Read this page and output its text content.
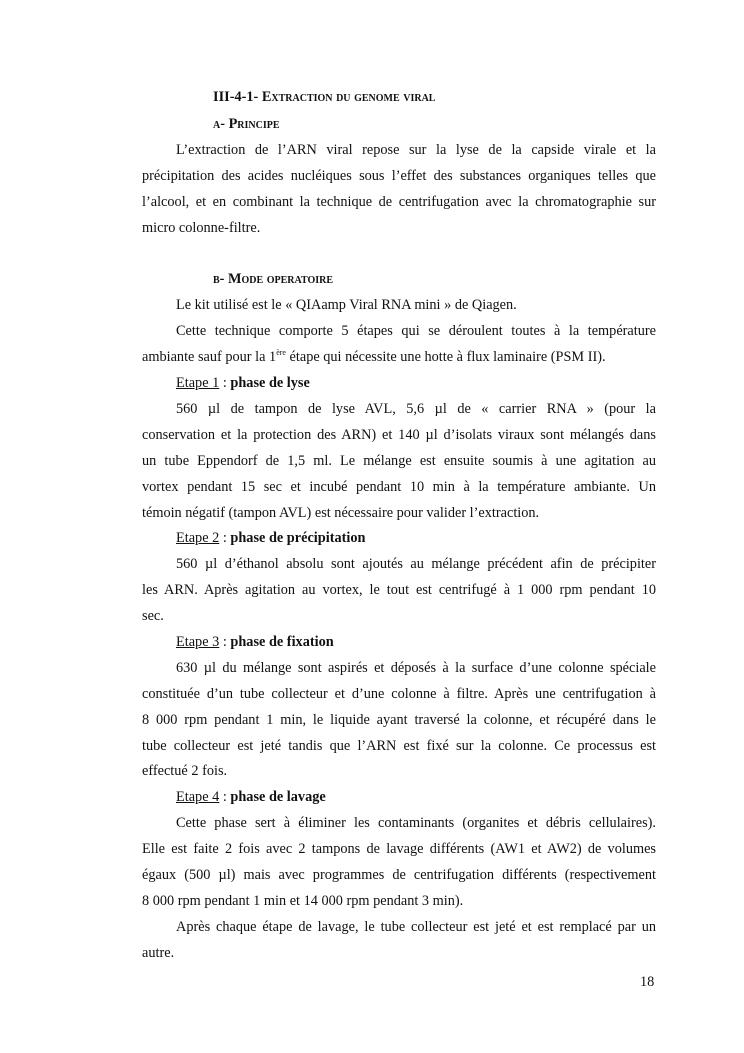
III-4-1- Extraction du genome viral
a- Principe
L’extraction de l’ARN viral repose sur la lyse de la capside virale et la
précipitation des acides nucléiques sous l’effet des substances organiques telles que
l’alcool, et en combinant la technique de centrifugation avec la chromatographie sur
micro colonne-filtre.
b- Mode operatoire
Le kit utilisé est le « QIAamp Viral RNA mini » de Qiagen.
Cette technique comporte 5 étapes qui se déroulent toutes à la température
ambiante sauf pour la 1ère étape qui nécessite une hotte à flux laminaire (PSM II).
Etape 1 : phase de lyse
560 µl de tampon de lyse AVL, 5,6 µl de « carrier RNA » (pour la
conservation et la protection des ARN) et 140 µl d’isolats viraux sont mélangés dans
un tube Eppendorf de 1,5 ml. Le mélange est ensuite soumis à une agitation au
vortex pendant 15 sec et incubé pendant 10 min à la température ambiante. Un
témoin négatif (tampon AVL) est nécessaire pour valider l’extraction.
Etape 2 : phase de précipitation
560 µl d’éthanol absolu sont ajoutés au mélange précédent afin de précipiter
les ARN. Après agitation au vortex, le tout est centrifugé à 1 000 rpm pendant 10
sec.
Etape 3 : phase de fixation
630 µl du mélange sont aspirés et déposés à la surface d’une colonne spéciale
constituée d’un tube collecteur et d’une colonne à filtre. Après une centrifugation à
8 000 rpm pendant 1 min, le liquide ayant traversé la colonne, et récupéré dans le
tube collecteur est jeté tandis que l’ARN est fixé sur la colonne. Ce processus est
effectué 2 fois.
Etape 4 : phase de lavage
Cette phase sert à éliminer les contaminants (organites et débris cellulaires).
Elle est faite 2 fois avec 2 tampons de lavage différents (AW1 et AW2) de volumes
égaux (500 µl) mais avec programmes de centrifugation différents (respectivement
8 000 rpm pendant 1 min et 14 000 rpm pendant 3 min).
Après chaque étape de lavage, le tube collecteur est jeté et est remplacé par un
autre.
18
